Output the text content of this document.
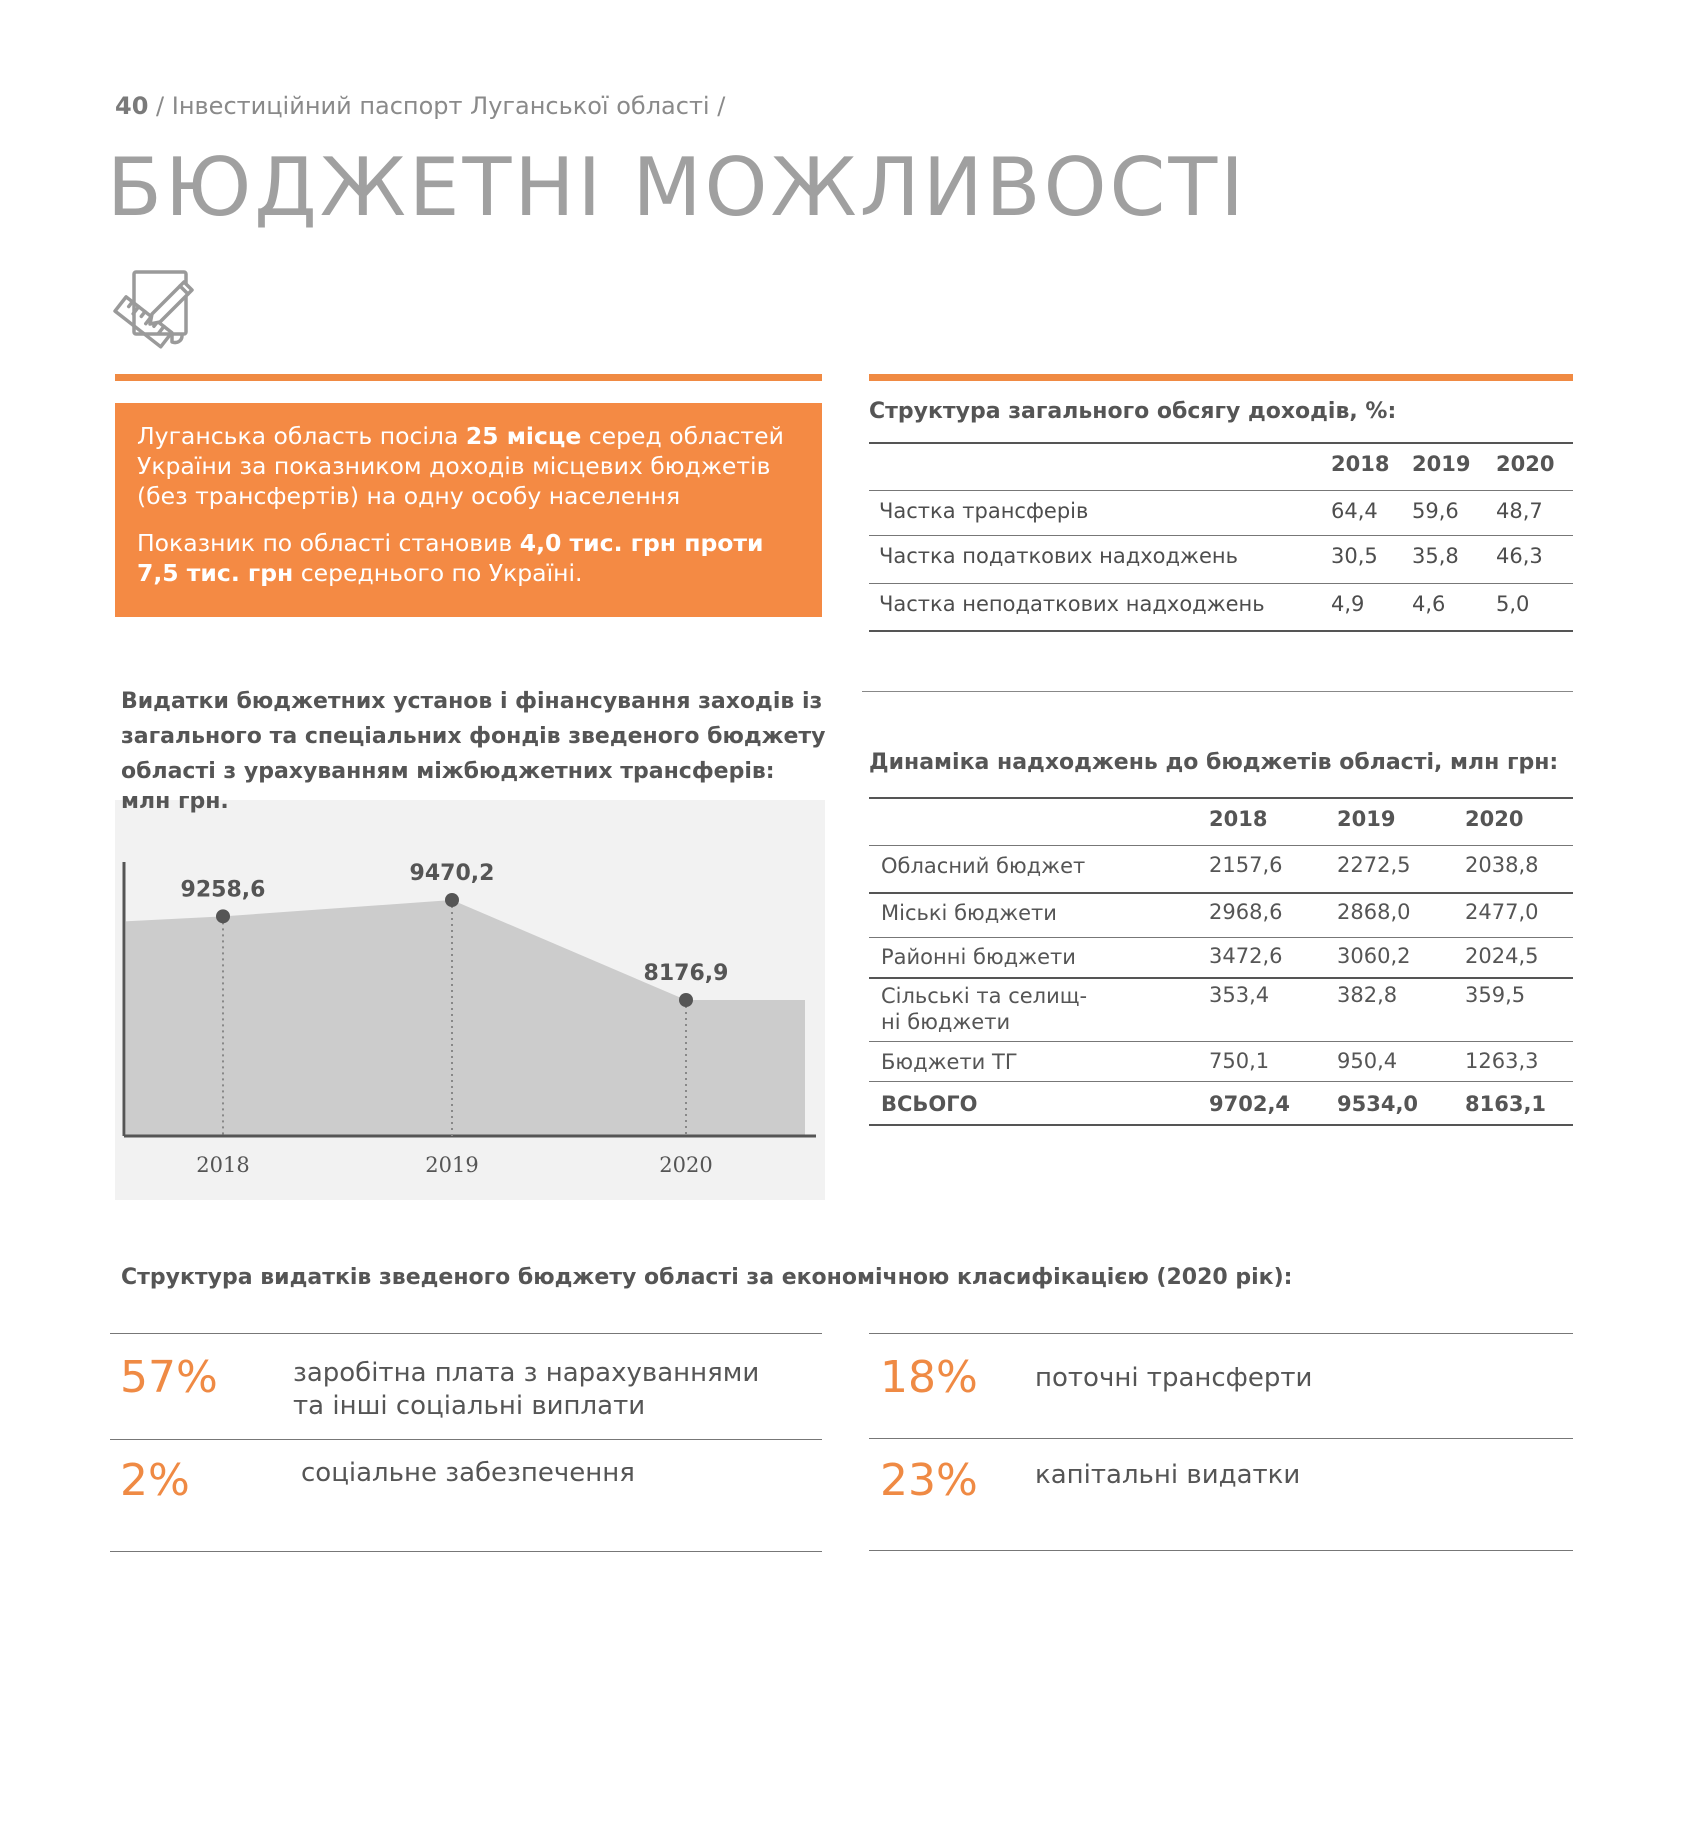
40 / Інвестиційний паспорт Луганської області /
БЮДЖЕТНІ МОЖЛИВОСТІ

Луганська область посіла 25 місце серед областей України за показником доходів місцевих бюджетів (без трансфертів) на одну особу населення

Показник по області становив 4,0 тис. грн проти 7,5 тис. грн середнього по Україні.

Структура загального обсягу доходів, %:
2018 2019 2020
Частка трансферів	64,4 59,6 48,7
Частка податкових надходжень	30,5 35,8 46,3
Частка неподаткових надходжень	4,9 4,6 5,0
Видатки бюджетних установ і фінансування заходів із загального та спеціальних фондів зведеного бюджету області з урахуванням міжбюджетних трансферів:
млн грн.
9258,6
2018
9470,2
2019
8176,9
2020
Динаміка надходжень до бюджетів області, млн грн:
2018	2019	2020
Обласний бюджет	2157,6	2272,5	2038,8
Міські бюджети	2968,6	2868,0	2477,0
Районні бюджети	3472,6	3060,2	2024,5
Сільські та селищ-
ні бюджети
353,4	382,8	359,5
Бюджети ТГ	750,1	950,4	1263,3
ВСЬОГО	9702,4 9534,0 8163,1
Структура видатків зведеного бюджету області за економічною класифікацією (2020 рік):
57%	заробітна плата з нарахуваннями
та інші соціальні виплати
18% поточні трансферти
2%	соціальне забезпечення	23% капітальні видатки
